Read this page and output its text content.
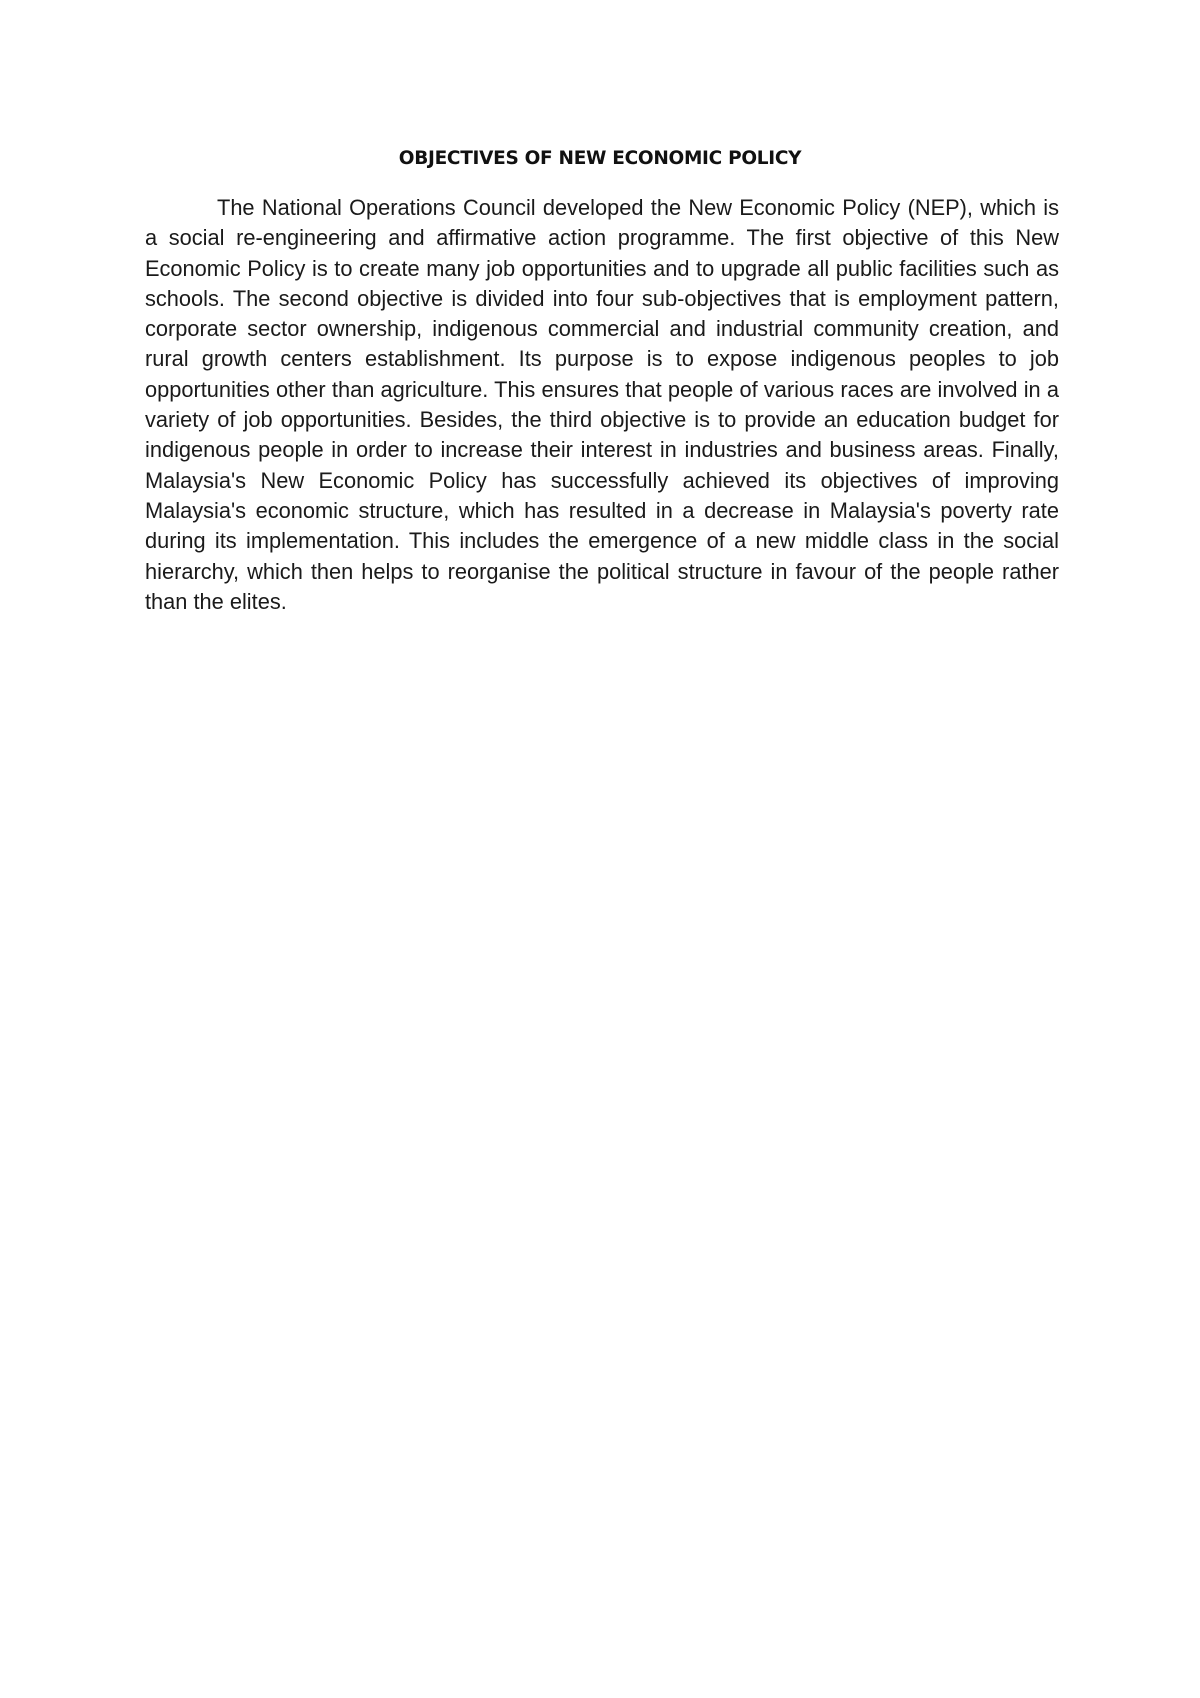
OBJECTIVES OF NEW ECONOMIC POLICY

The National Operations Council developed the New Economic Policy (NEP), which is a social re-engineering and affirmative action programme. The first objective of this New Economic Policy is to create many job opportunities and to upgrade all public facilities such as schools. The second objective is divided into four sub-objectives that is employment pattern, corporate sector ownership, indigenous commercial and industrial community creation, and rural growth centers establishment. Its purpose is to expose indigenous peoples to job opportunities other than agriculture. This ensures that people of various races are involved in a variety of job opportunities. Besides, the third objective is to provide an education budget for indigenous people in order to increase their interest in industries and business areas. Finally, Malaysia's New Economic Policy has successfully achieved its objectives of improving Malaysia's economic structure, which has resulted in a decrease in Malaysia's poverty rate during its implementation. This includes the emergence of a new middle class in the social hierarchy, which then helps to reorganise the political structure in favour of the people rather than the elites.
